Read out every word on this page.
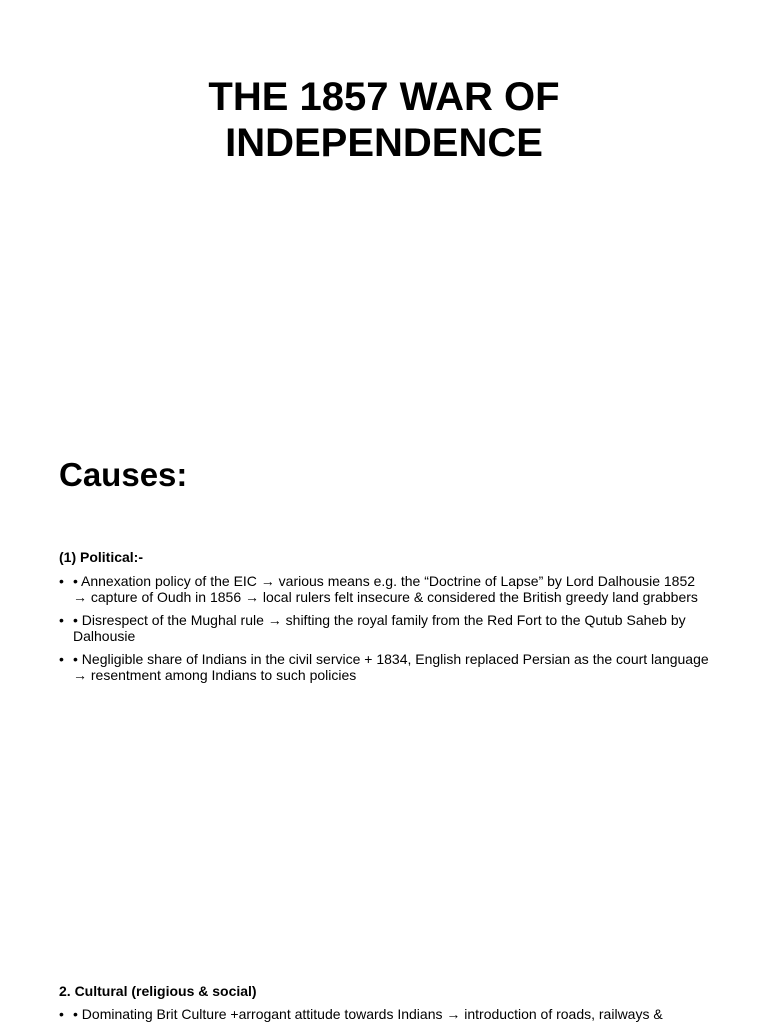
THE 1857 WAR OF
INDEPENDENCE
Causes:
(1) Political:-
• • Annexation policy of the EIC → various means e.g. the “Doctrine of Lapse” by Lord Dalhousie 1852 → capture of Oudh in 1856 → local rulers felt insecure & considered the British greedy land grabbers
• • Disrespect of the Mughal rule → shifting the royal family from the Red Fort to the Qutub Saheb by Dalhousie
• • Negligible share of Indians in the civil service + 1834, English replaced Persian as the court language → resentment among Indians to such policies
2. Cultural (religious & social)
• • Dominating Brit Culture +arrogant attitude towards Indians → introduction of roads, railways &
